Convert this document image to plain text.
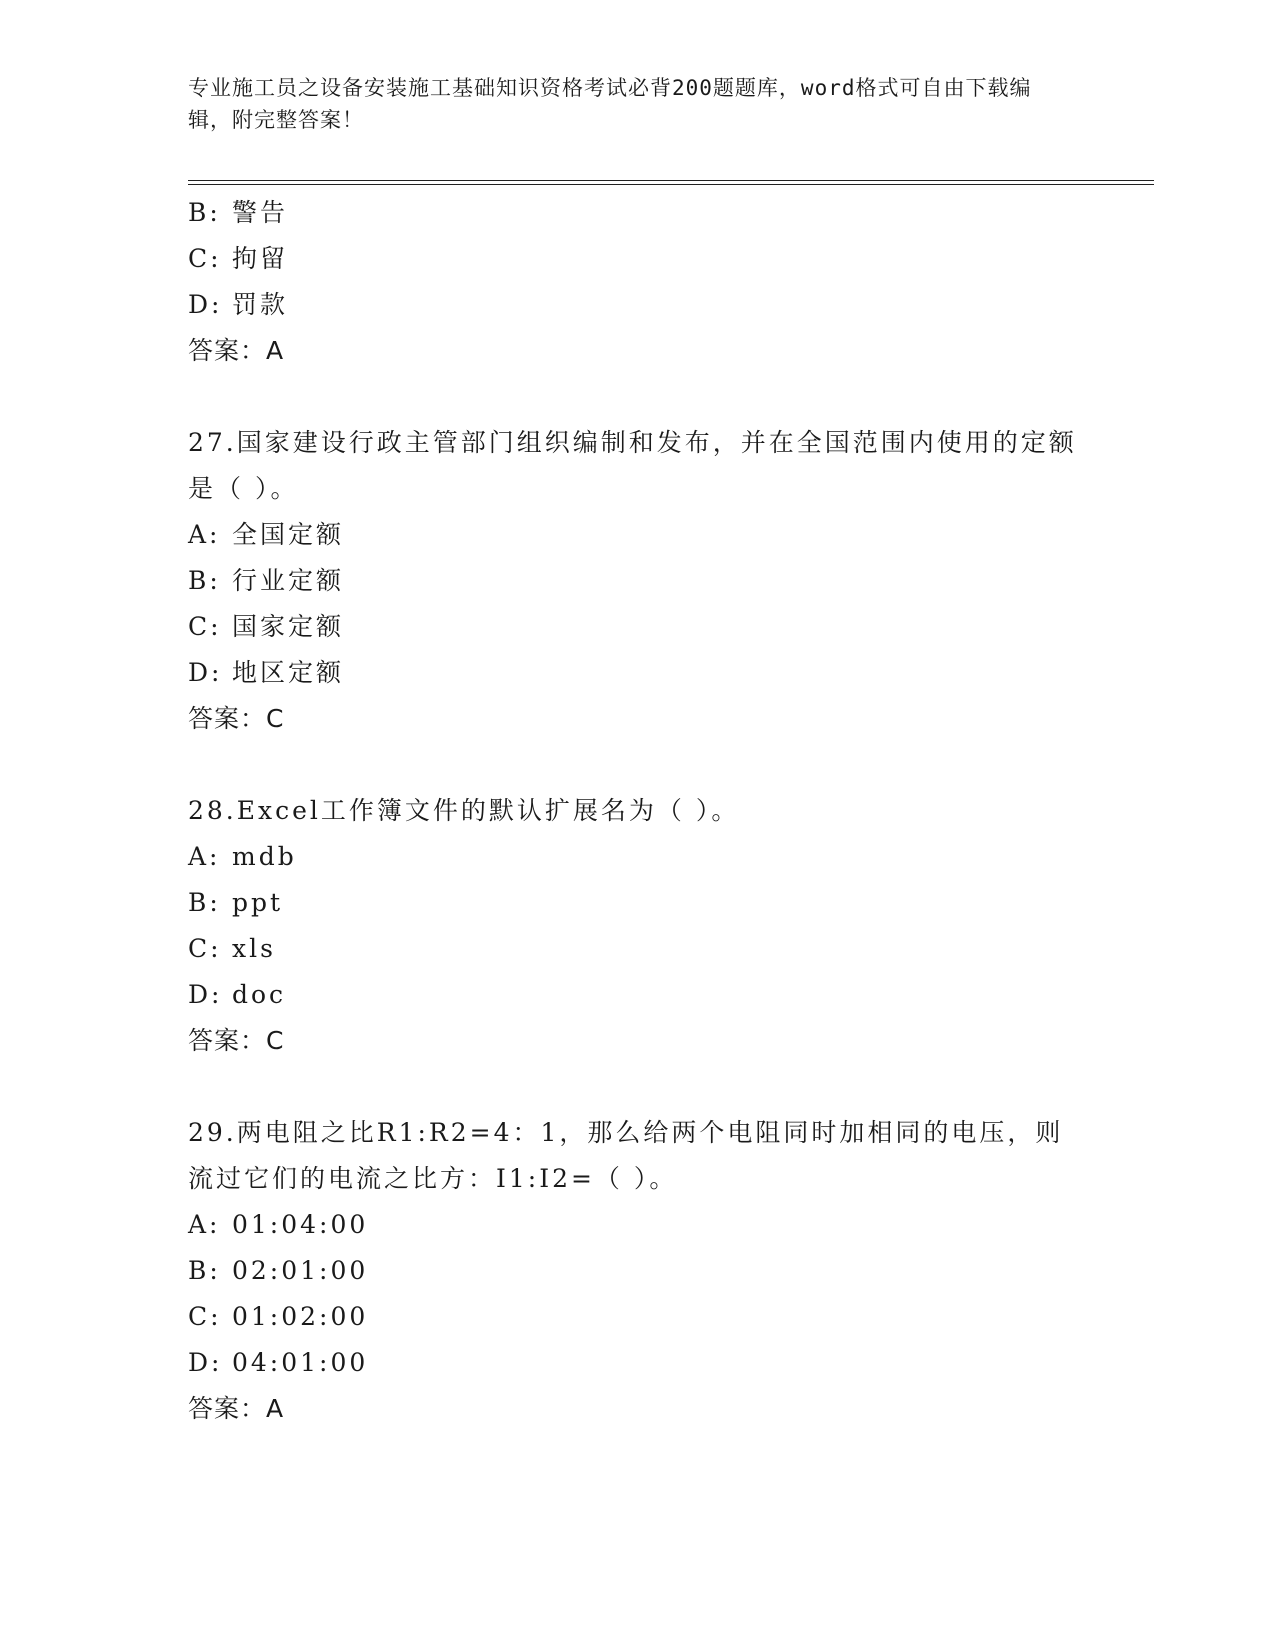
专业施工员之设备安装施工基础知识资格考试必背200题题库，word格式可自由下载编辑，附完整答案！
B: 警告
C: 拘留
D: 罚款
答案：A
27.国家建设行政主管部门组织编制和发布，并在全国范围内使用的定额是（ ）。
A: 全国定额
B: 行业定额
C: 国家定额
D: 地区定额
答案：C
28.Excel工作簿文件的默认扩展名为（ ）。
A: mdb
B: ppt
C: xls
D: doc
答案：C
29.两电阻之比R1:R2=4：1，那么给两个电阻同时加相同的电压，则流过它们的电流之比方：I1:I2=（ ）。
A: 01:04:00
B: 02:01:00
C: 01:02:00
D: 04:01:00
答案：A
